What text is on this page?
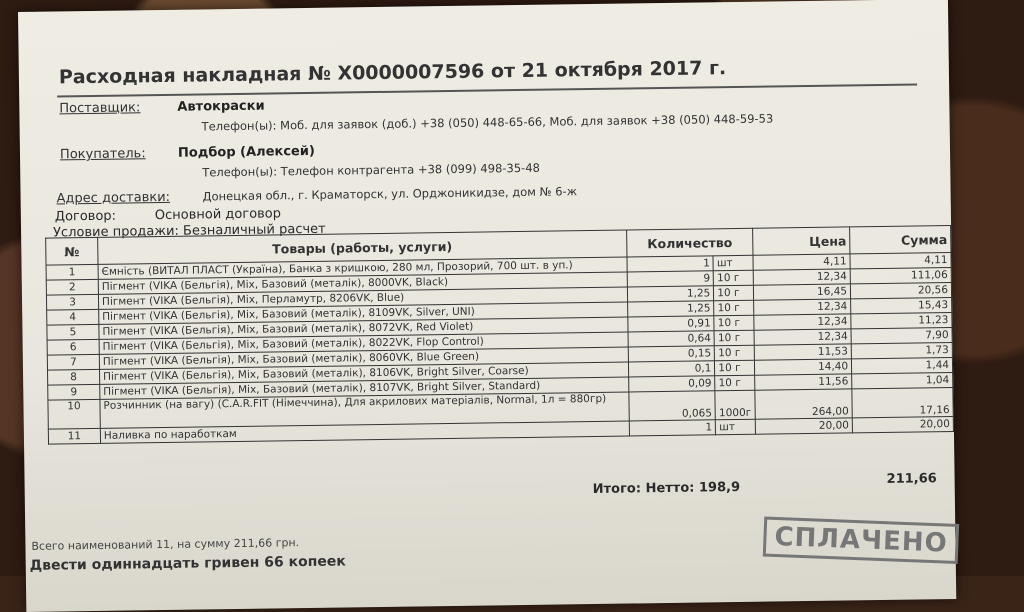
Расходная накладная № X0000007596 от 21 октября 2017 г.
Поставщик:	Автокраски
Телефон(ы): Моб. для заявок (доб.) +38 (050) 448-65-66, Моб. для заявок +38 (050) 448-59-53
Покупатель: Подбор (Алексей)
Телефон(ы): Телефон контрагента +38 (099) 498-35-48
Адрес доставки:	Донецкая обл., г. Краматорск, ул. Орджоникидзе, дом № 6-ж
Договор:	Основной договор
Условие продажи: Безналичный расчет
№	Товары (работы, услуги)	Количество		Цена	Сумма
1	Ємність (ВИТАЛ ПЛАСТ (Україна), Банка з кришкою, 280 мл, Прозорий, 700 шт. в уп.)	1	шт	4,11	4,11
2	Пігмент (VIKA (Бельгія), Mix, Базовий (металік), 8000VK, Black)	9	10 г	12,34	111,06
3	Пігмент (VIKA (Бельгія), Mix, Перламутр, 8206VK, Blue)	1,25	10 г	16,45	20,56
4	Пігмент (VIKA (Бельгія), Mix, Базовий (металік), 8109VK, Silver, UNI)	1,25	10 г	12,34	15,43
5	Пігмент (VIKA (Бельгія), Mix, Базовий (металік), 8072VK, Red Violet)	0,91	10 г	12,34	11,23
6	Пігмент (VIKA (Бельгія), Mix, Базовий (металік), 8022VK, Flop Control)	0,64	10 г	12,34	7,90
7	Пігмент (VIKA (Бельгія), Mix, Базовий (металік), 8060VK, Blue Green)	0,15	10 г	11,53	1,73
8	Пігмент (VIKA (Бельгія), Mix, Базовий (металік), 8106VK, Bright Silver, Coarse)	0,1	10 г	14,40	1,44
9	Пігмент (VIKA (Бельгія), Mix, Базовий (металік), 8107VK, Bright Silver, Standard)	0,09	10 г	11,56	1,04
10	Розчинник (на вагу) (C.A.R.FIT (Німеччина), Для акрилових матеріалів, Normal, 1л = 880гр)	0,065	1000г	264,00	17,16
11	Наливка по наработкам	1	шт	20,00	20,00
Итого: Нетто: 198,9
211,66
Всего наименований 11, на сумму 211,66 грн.
Двести одиннадцать гривен 66 копеек
СПЛАЧЕНО
